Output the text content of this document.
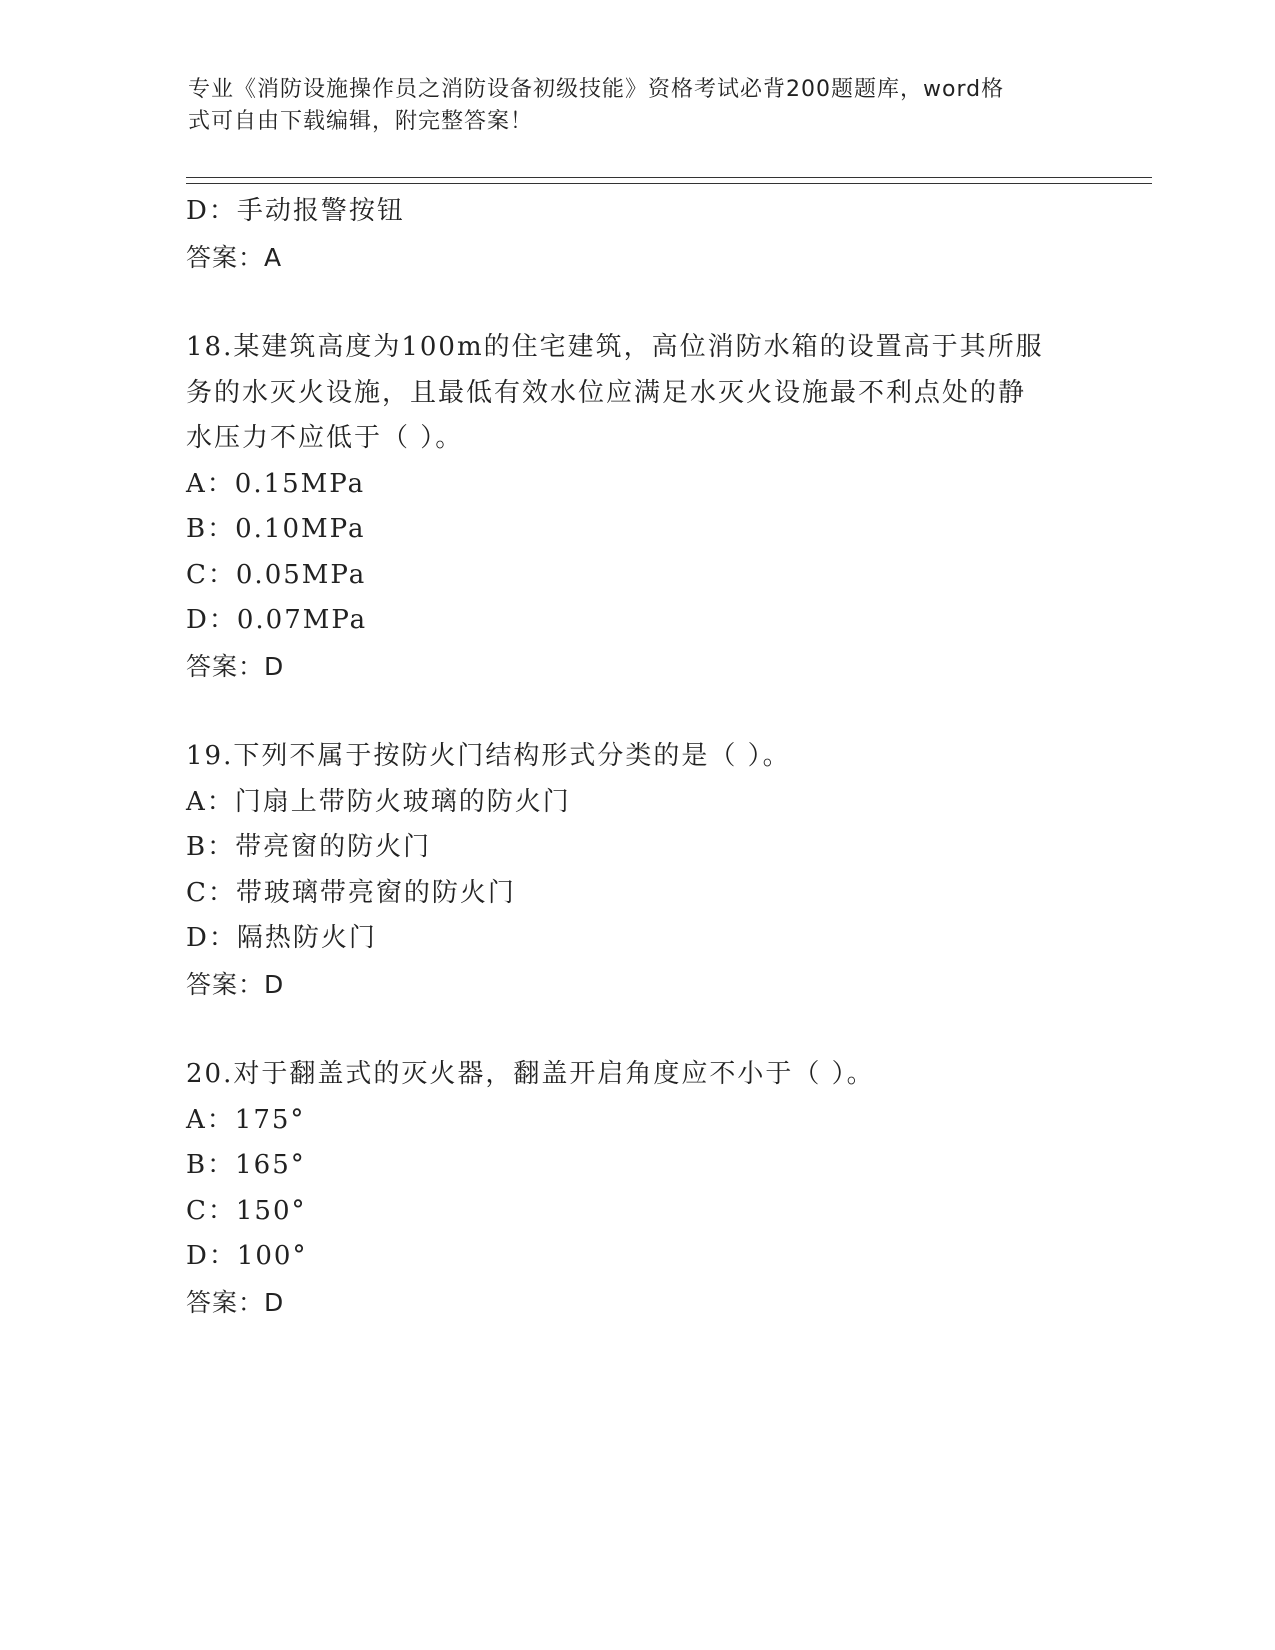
专业《消防设施操作员之消防设备初级技能》资格考试必背200题题库，word格
式可自由下载编辑，附完整答案！
D：手动报警按钮
答案：A
18.某建筑高度为100m的住宅建筑，高位消防水箱的设置高于其所服
务的水灭火设施，且最低有效水位应满足水灭火设施最不利点处的静
水压力不应低于（ ）。
A：0.15MPa
B：0.10MPa
C：0.05MPa
D：0.07MPa
答案：D
19.下列不属于按防火门结构形式分类的是（ ）。
A：门扇上带防火玻璃的防火门
B：带亮窗的防火门
C：带玻璃带亮窗的防火门
D：隔热防火门
答案：D
20.对于翻盖式的灭火器，翻盖开启角度应不小于（ ）。
A：175°
B：165°
C：150°
D：100°
答案：D
